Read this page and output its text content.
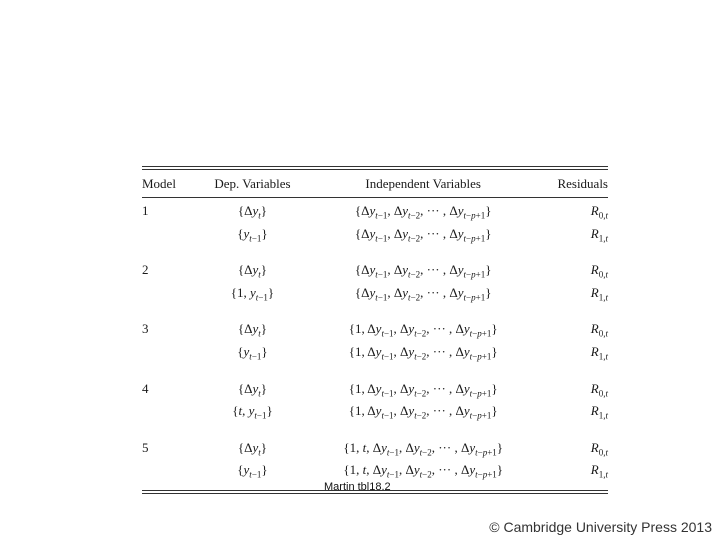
Model	Dep. Variables	Independent Variables	Residuals
1	$\{\Delta y_t\}$	{$\Delta y_{t-1}$, $\Delta y_{t-2}$, ··· , $\Delta y_{t-p+1}$}	$R_{0,t}$
	$\{y_{t-1}\}$	{$\Delta y_{t-1}$, $\Delta y_{t-2}$, ··· , $\Delta y_{t-p+1}$}	$R_{1,t}$
2	$\{\Delta y_t\}$	{$\Delta y_{t-1}$, $\Delta y_{t-2}$, ··· , $\Delta y_{t-p+1}$}	$R_{0,t}$
	{1, $y_{t-1}$}	{$\Delta y_{t-1}$, $\Delta y_{t-2}$, ··· , $\Delta y_{t-p+1}$}	$R_{1,t}$
3	$\{\Delta y_t\}$	{1, $\Delta y_{t-1}$, $\Delta y_{t-2}$, ··· , $\Delta y_{t-p+1}$}	$R_{0,t}$
	$\{y_{t-1}\}$	{1, $\Delta y_{t-1}$, $\Delta y_{t-2}$, ··· , $\Delta y_{t-p+1}$}	$R_{1,t}$
4	$\{\Delta y_t\}$	{1, $\Delta y_{t-1}$, $\Delta y_{t-2}$, ··· , $\Delta y_{t-p+1}$}	$R_{0,t}$
	{t, $y_{t-1}$}	{1, $\Delta y_{t-1}$, $\Delta y_{t-2}$, ··· , $\Delta y_{t-p+1}$}	$R_{1,t}$
5	$\{\Delta y_t\}$	{1, t, $\Delta y_{t-1}$, $\Delta y_{t-2}$, ··· , $\Delta y_{t-p+1}$}	$R_{0,t}$
	$\{y_{t-1}\}$	{1, t, $\Delta y_{t-1}$, $\Delta y_{t-2}$, ··· , $\Delta y_{t-p+1}$}	$R_{1,t}$
Martin tbl18.2
© Cambridge University Press 2013
